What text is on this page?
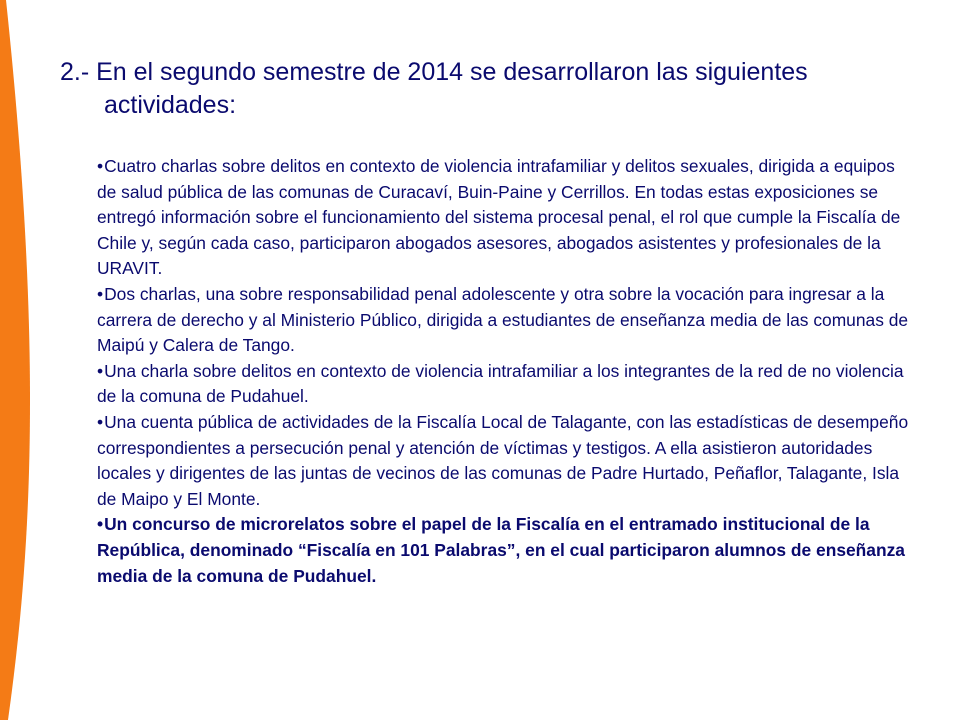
2.- En el segundo semestre de 2014 se desarrollaron las siguientes
actividades:
•Cuatro charlas sobre delitos en contexto de violencia intrafamiliar y delitos sexuales, dirigida a equipos de salud pública de las comunas de Curacaví, Buin-Paine y Cerrillos. En todas estas exposiciones se entregó información sobre el funcionamiento del sistema procesal penal, el rol que cumple la Fiscalía de Chile y, según cada caso, participaron abogados asesores, abogados asistentes y profesionales de la URAVIT.
•Dos charlas, una sobre responsabilidad penal adolescente y otra sobre la vocación para ingresar a la carrera de derecho y al Ministerio Público, dirigida a estudiantes de enseñanza media de las comunas de Maipú y Calera de Tango.
•Una charla sobre delitos en contexto de violencia intrafamiliar a los integrantes de la red de no violencia de la comuna de Pudahuel.
•Una cuenta pública de actividades de la Fiscalía Local de Talagante, con las estadísticas de desempeño correspondientes a persecución penal y atención de víctimas y testigos. A ella asistieron autoridades locales y dirigentes de las juntas de vecinos de las comunas de Padre Hurtado, Peñaflor, Talagante, Isla de Maipo y El Monte.
•Un concurso de microrelatos sobre el papel de la Fiscalía en el entramado institucional de la República, denominado “Fiscalía en 101 Palabras”, en el cual participaron alumnos de enseñanza media de la comuna de Pudahuel.
